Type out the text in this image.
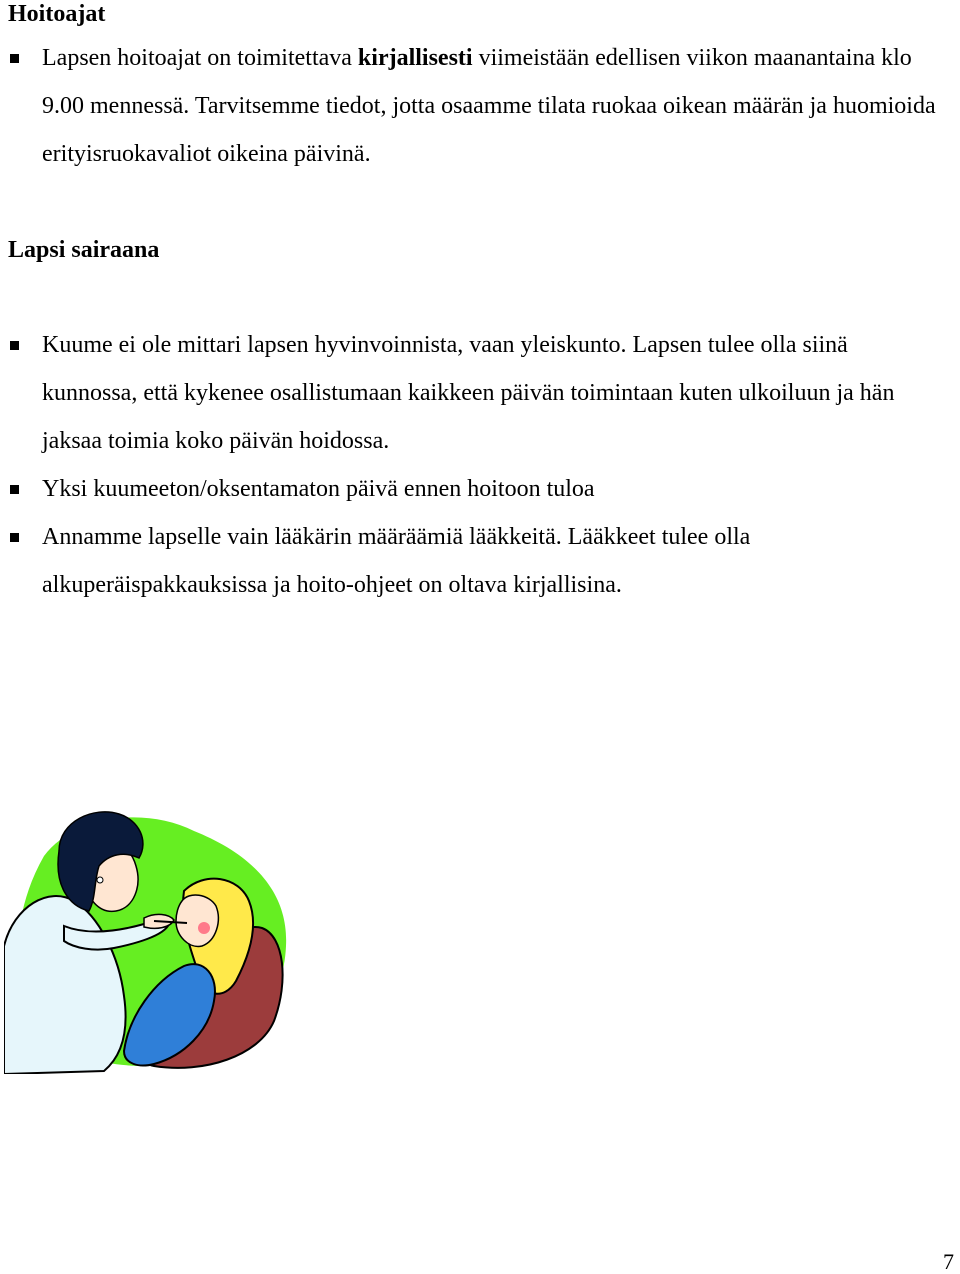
Hoitoajat

Lapsen hoitoajat on toimitettava kirjallisesti viimeistään edellisen viikon maanantaina klo 9.00 mennessä. Tarvitsemme tiedot, jotta osaamme tilata ruokaa oikean määrän ja huomioida erityisruokavaliot oikeina päivinä.

Lapsi sairaana

Kuume ei ole mittari lapsen hyvinvoinnista, vaan yleiskunto. Lapsen tulee olla siinä kunnossa, että kykenee osallistumaan kaikkeen päivän toimintaan kuten ulkoiluun ja hän jaksaa toimia koko päivän hoidossa.

Yksi kuumeeton/oksentamaton päivä ennen hoitoon tuloa

Annamme lapselle vain lääkärin määräämiä lääkkeitä. Lääkkeet tulee olla alkuperäispakkauksissa ja hoito-ohjeet on oltava kirjallisina.

7
